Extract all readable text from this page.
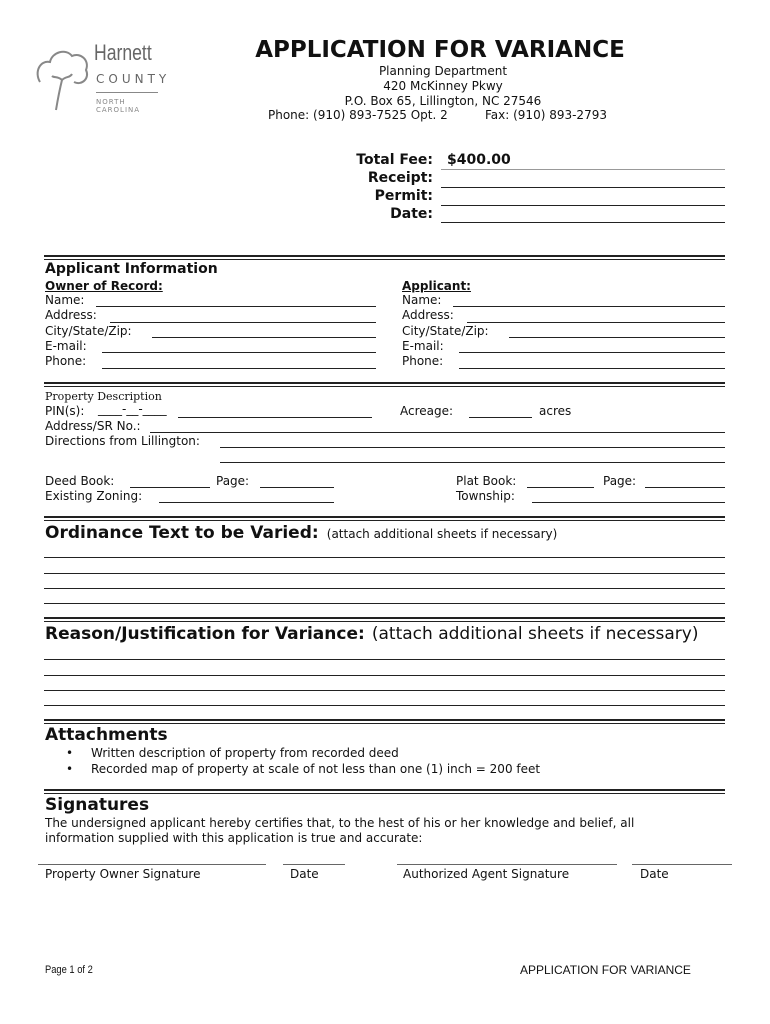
Harnett
COUNTY
NORTH CAROLINA
APPLICATION FOR VARIANCE
Planning Department
420 McKinney Pkwy
P.O. Box 65, Lillington, NC 27546
Phone: (910) 893-7525 Opt. 2	Fax: (910) 893-2793
Total Fee: $400.00
Receipt:
Permit:
Date:
Applicant Information
Owner of Record:	Applicant:
Name:
Address:
City/State/Zip:
E-mail:
Phone:
Name:
Address:
City/State/Zip:
E-mail:
Phone:
Property Description
PIN(s): ____-__-____	Acreage:	acres
Address/SR No.:
Directions from Lillington:
Deed Book:	Page:	Plat Book:	Page:
Existing Zoning:	Township:
Ordinance Text to be Varied: (attach additional sheets if necessary)
Reason/Justification for Variance: (attach additional sheets if necessary)
Attachments
• Written description of property from recorded deed
• Recorded map of property at scale of not less than one (1) inch = 200 feet
Signatures
The undersigned applicant hereby certifies that, to the hest of his or her knowledge and belief, all
information supplied with this application is true and accurate:
Property Owner Signature	Date	Authorized Agent Signature	Date
Page 1 of 2	APPLICATION FOR VARIANCE
